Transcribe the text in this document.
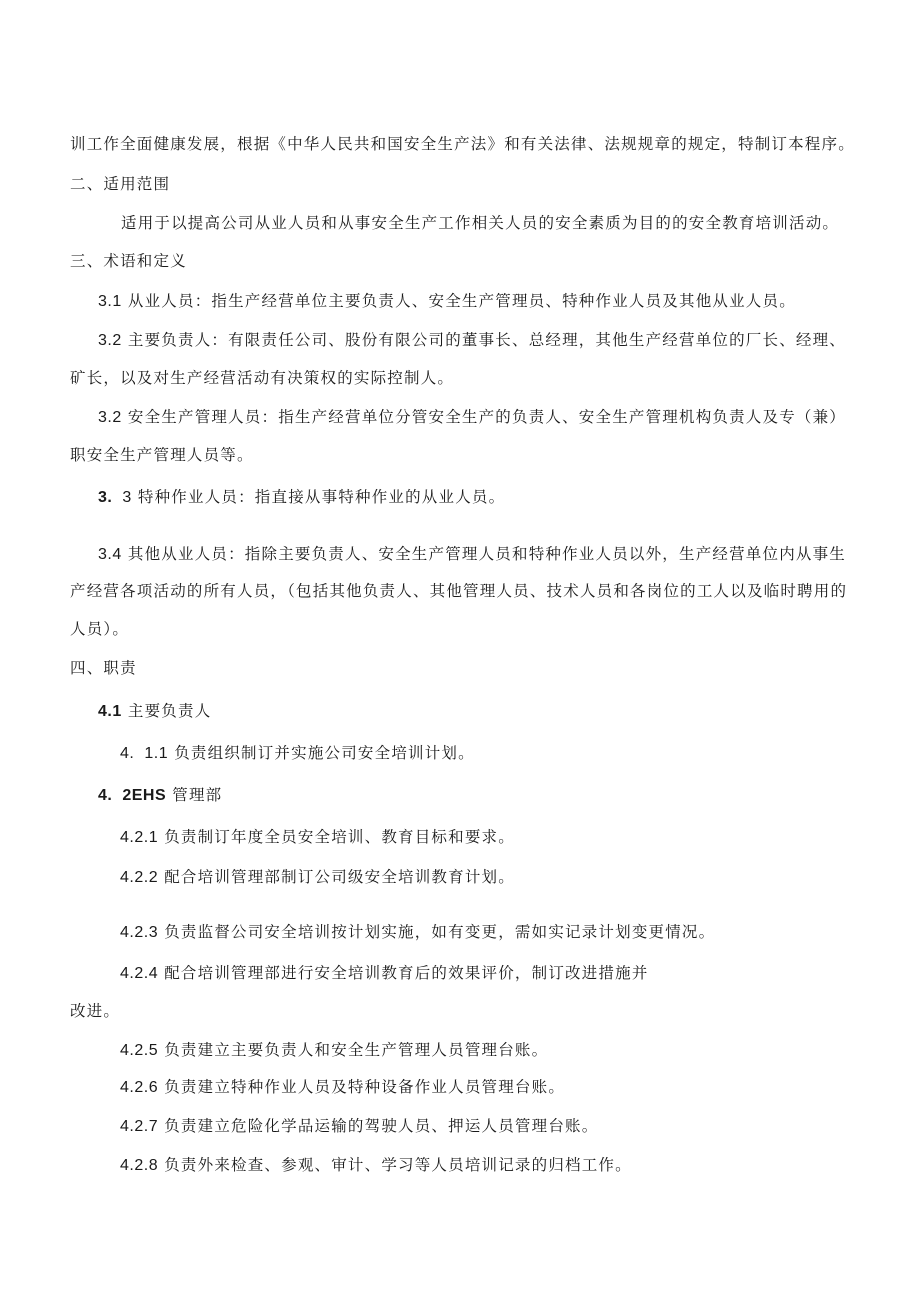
训工作全面健康发展，根据《中华人民共和国安全生产法》和有关法律、法规规章的规定，特制订本程序。
二、适用范围
适用于以提高公司从业人员和从事安全生产工作相关人员的安全素质为目的的安全教育培训活动。
三、术语和定义
3.1 从业人员：指生产经营单位主要负责人、安全生产管理员、特种作业人员及其他从业人员。
3.2 主要负责人：有限责任公司、股份有限公司的董事长、总经理，其他生产经营单位的厂长、经理、
矿长，以及对生产经营活动有决策权的实际控制人。
3.2 安全生产管理人员：指生产经营单位分管安全生产的负责人、安全生产管理机构负责人及专（兼）
职安全生产管理人员等。
3. 3 特种作业人员：指直接从事特种作业的从业人员。
3.4 其他从业人员：指除主要负责人、安全生产管理人员和特种作业人员以外，生产经营单位内从事生
产经营各项活动的所有人员，（包括其他负责人、其他管理人员、技术人员和各岗位的工人以及临时聘用的
人员）。
四、职责
4.1 主要负责人
4. 1.1 负责组织制订并实施公司安全培训计划。
4. 2EHS 管理部
4.2.1 负责制订年度全员安全培训、教育目标和要求。
4.2.2 配合培训管理部制订公司级安全培训教育计划。
4.2.3 负责监督公司安全培训按计划实施，如有变更，需如实记录计划变更情况。
4.2.4 配合培训管理部进行安全培训教育后的效果评价，制订改进措施并
改进。
4.2.5 负责建立主要负责人和安全生产管理人员管理台账。
4.2.6 负责建立特种作业人员及特种设备作业人员管理台账。
4.2.7 负责建立危险化学品运输的驾驶人员、押运人员管理台账。
4.2.8 负责外来检查、参观、审计、学习等人员培训记录的归档工作。
